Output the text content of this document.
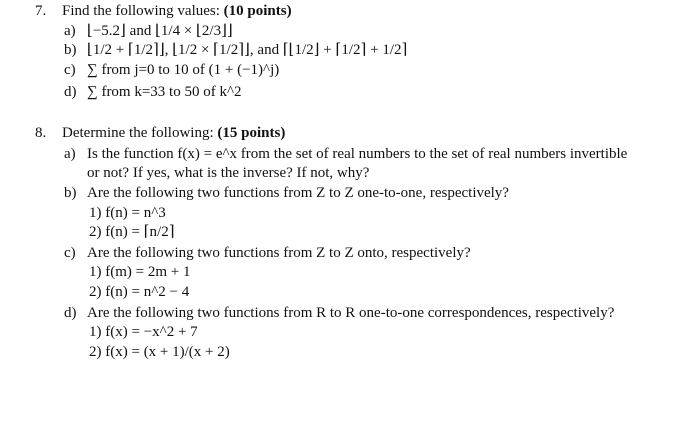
7. Find the following values: (10 points)
a) ⌊−5.2⌋ and ⌊1/4 × ⌊2/3⌋⌋
b) ⌊1/2 + ⌈1/2⌉⌋, ⌊1/2 × ⌈1/2⌉⌋, and ⌈⌊1/2⌋ + ⌈1/2⌉ + 1/2⌉
c) ∑ from j=0 to 10 of (1 + (−1)^j)
d) ∑ from k=33 to 50 of k^2
8. Determine the following: (15 points)
a) Is the function f(x) = e^x from the set of real numbers to the set of real numbers invertible
or not? If yes, what is the inverse? If not, why?
b) Are the following two functions from Z to Z one-to-one, respectively?
1) f(n) = n^3
2) f(n) = ⌈n/2⌉
c) Are the following two functions from Z to Z onto, respectively?
1) f(m) = 2m + 1
2) f(n) = n^2 − 4
d) Are the following two functions from R to R one-to-one correspondences, respectively?
1) f(x) = −x^2 + 7
2) f(x) = (x + 1)/(x + 2)
